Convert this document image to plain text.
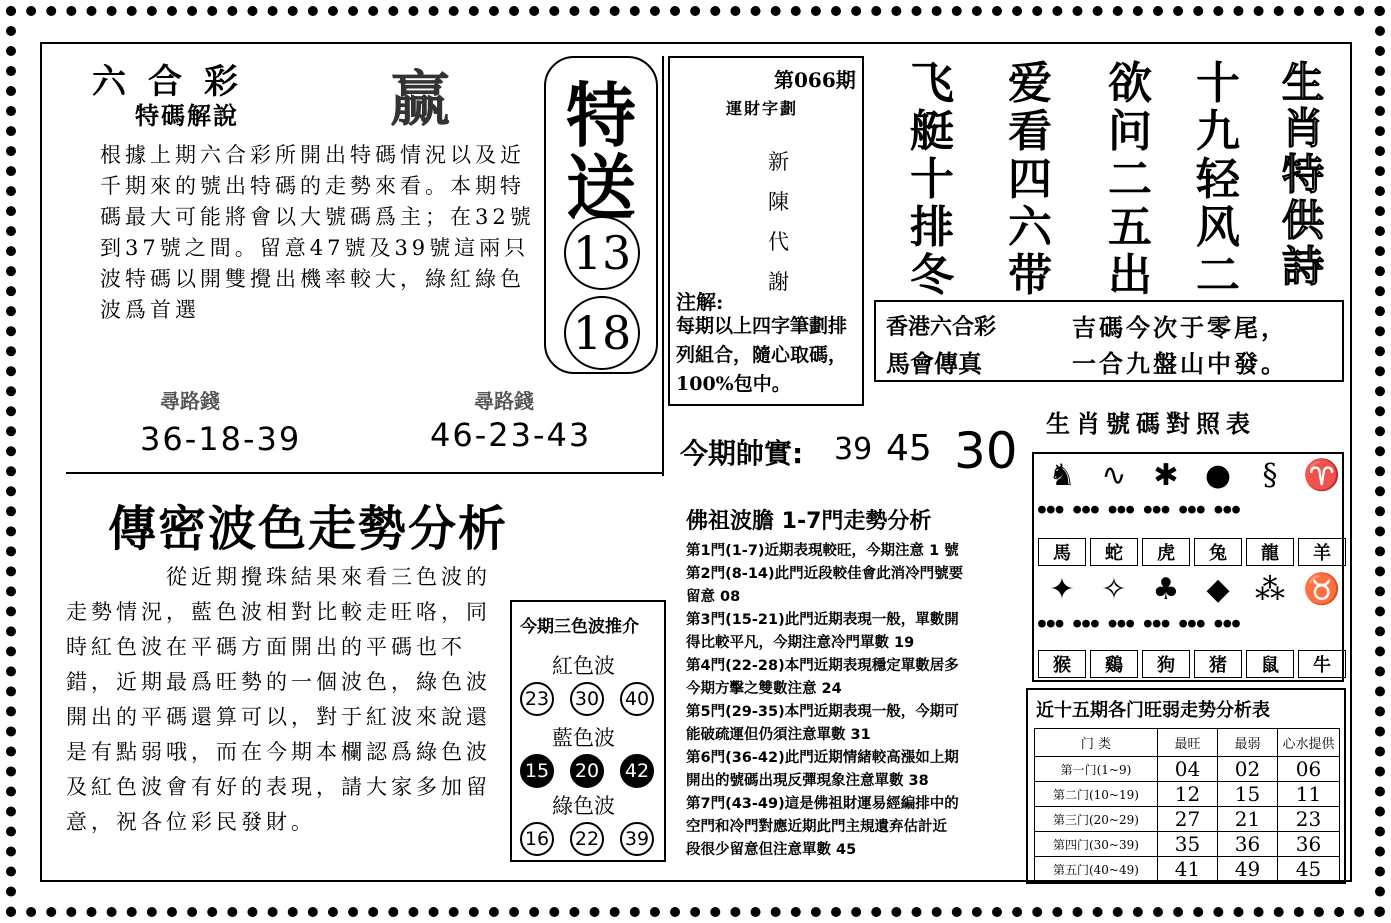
六合彩 赢
特碼解說
根據上期六合彩所開出特碼情況以及近千期來的號出特碼的走勢來看。本期特碼最大可能將會以大號碼爲主；在32號到37號之間。留意47號及39號這兩只波特碼以開雙攪出機率較大，綠紅綠色波爲首選
特
送
13
18
尋路錢	尋路錢
36-18-39	46-23-43
第066期
運財字劃
新
陳
代
謝
注解:
每期以上四字筆劃排列組合，隨心取碼，100%包中。
十
九
轻
风
二
欲
问
二
五
出
爱
看
四
六
带
飞
艇
十
排
冬
生
肖
特
供
詩
香港六合彩
馬會傳真
吉碼今次于零尾，
一合九盤山中發。
今期帥實: 39 45 30
傳密波色走勢分析
從近期攪珠結果來看三色波的走勢情況，藍色波相對比較走旺咯，同時紅色波在平碼方面開出的平碼也不錯，近期最爲旺勢的一個波色，綠色波開出的平碼還算可以，對于紅波來說還是有點弱哦，而在今期本欄認爲綠色波及紅色波會有好的表現，請大家多加留意，祝各位彩民發財。
今期三色波推介
紅色波
23 30 40
藍色波
15 20 42
綠色波
16 22 39
佛祖波膽 1-7門走勢分析
第1門(1-7)近期表現較旺，今期注意 1 號
第2門(8-14)此門近段較佳會此消冷門號要
留意 08
第3門(15-21)此門近期表現一般，單數開
得比較平凡，今期注意冷門單數 19
第4門(22-28)本門近期表現穩定單數居多
今期方擊之雙數注意 24
第5門(29-35)本門近期表現一般，今期可
能破疏運但仍須注意單數 31
第6門(36-42)此門近期情緒較高漲如上期
開出的號碼出現反彈現象注意單數 38
第7門(43-49)這是佛祖財運易經編排中的
空門和冷門對應近期此門主規遺弃估計近
段很少留意但注意單數 45
生肖號碼對照表
♞ ∿ ✱ ●	§ ♈
●●● ●●● ●●● ●●● ●●● ●●●
馬	蛇	虎	兔	龍	羊
✦ ✧ ♣ ◆ ⁂ ♉
●●● ●●● ●●● ●●● ●●● ●●●
猴	鷄	狗	猪	鼠	牛
近十五期各门旺弱走势分析表
门 类	最旺	最弱	心水提供
第一门(1~9)	04	02	06
第二门(10~19)	12	15	11
第三门(20~29)	27	21	23
第四门(30~39)	35	36	36
第五门(40~49)	41	49	45
